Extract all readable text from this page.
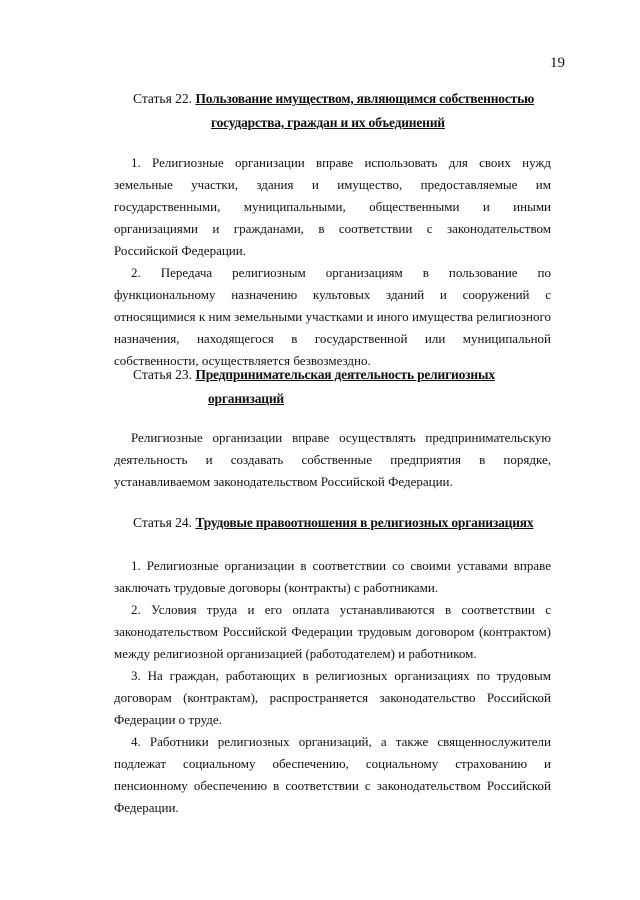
19
Статья 22. Пользование имуществом, являющимся собственностью
государства, граждан и их объединений

1. Религиозные организации вправе использовать для своих нужд земельные участки, здания и имущество, предоставляемые им государственными, муниципальными, общественными и иными организациями и гражданами, в соответствии с законодательством Российской Федерации.

2. Передача религиозным организациям в пользование по функциональному назначению культовых зданий и сооружений с относящимися к ним земельными участками и иного имущества религиозного назначения, находящегося в государственной или муниципальной собственности, осуществляется безвозмездно.

Статья 23. Предпринимательская деятельность религиозных
организаций

Религиозные организации вправе осуществлять предпринимательскую деятельность и создавать собственные предприятия в порядке, устанавливаемом законодательством Российской Федерации.

Статья 24. Трудовые правоотношения в религиозных организациях

1. Религиозные организации в соответствии со своими уставами вправе заключать трудовые договоры (контракты) с работниками.

2. Условия труда и его оплата устанавливаются в соответствии с законодательством Российской Федерации трудовым договором (контрактом) между религиозной организацией (работодателем) и работником.

3. На граждан, работающих в религиозных организациях по трудовым договорам (контрактам), распространяется законодательство Российской Федерации о труде.

4. Работники религиозных организаций, а также священнослужители подлежат социальному обеспечению, социальному страхованию и пенсионному обеспечению в соответствии с законодательством Российской Федерации.
